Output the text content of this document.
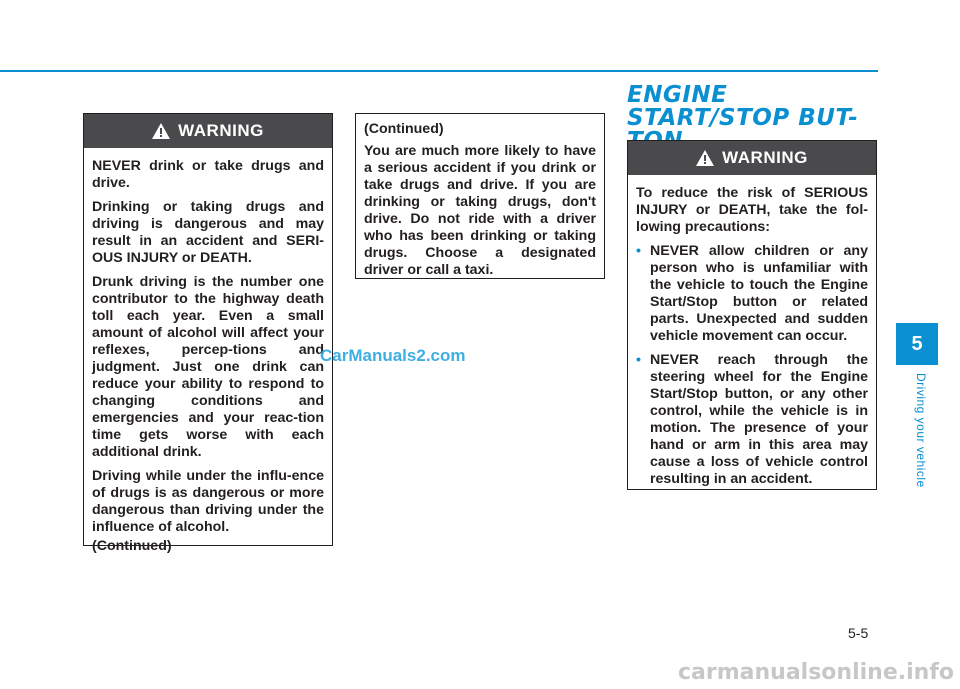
WARNING

NEVER drink or take drugs and drive.

Drinking or taking drugs and driving is dangerous and may result in an accident and SERI-OUS INJURY or DEATH.

Drunk driving is the number one contributor to the highway death toll each year. Even a small amount of alcohol will affect your reflexes, percep-tions and judgment. Just one drink can reduce your ability to respond to changing conditions and emergencies and your reac-tion time gets worse with each additional drink.

Driving while under the influ-ence of drugs is as dangerous or more dangerous than driving under the influence of alcohol.

(Continued)

(Continued)

You are much more likely to have a serious accident if you drink or take drugs and drive. If you are drinking or taking drugs, don't drive. Do not ride with a driver who has been drinking or taking drugs. Choose a designated driver or call a taxi.

ENGINE START/STOP BUT-
WARNING

To reduce the risk of SERIOUS INJURY or DEATH, take the fol-lowing precautions:

• NEVER allow children or any person who is unfamiliar with the vehicle to touch the Engine Start/Stop button or related parts. Unexpected and sudden vehicle movement can occur.
• NEVER reach through the steering wheel for the Engine Start/Stop button, or any other control, while the vehicle is in motion. The presence of your hand or arm in this area may cause a loss of vehicle control resulting in an accident.
5
Driving your vehicle
5-5
CarManuals2.com
carmanualsonline.info
